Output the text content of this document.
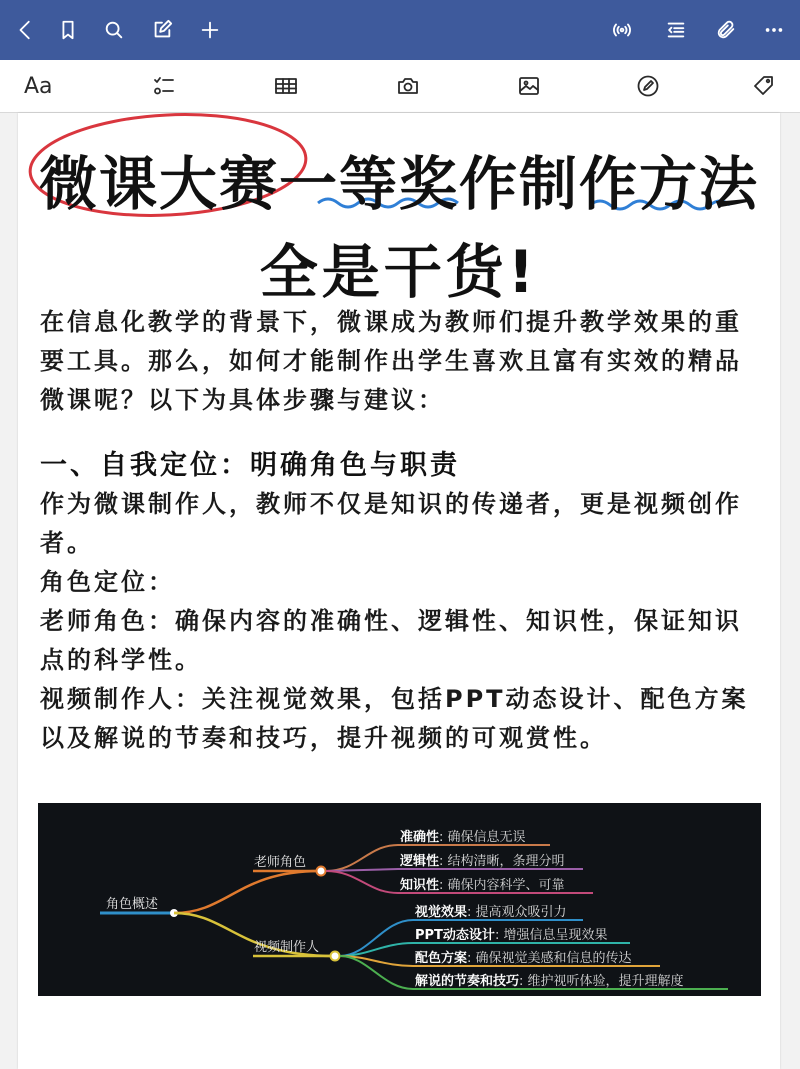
Aa
微课大赛一等奖作制作方法
全是干货!
在信息化教学的背景下，微课成为教师们提升教学效果的重要工具。那么，如何才能制作出学生喜欢且富有实效的精品微课呢？以下为具体步骤与建议：
一、自我定位：明确角色与职责

作为微课制作人，教师不仅是知识的传递者，更是视频创作者。

角色定位：

老师角色：确保内容的准确性、逻辑性、知识性，保证知识点的科学性。

视频制作人：关注视觉效果，包括PPT动态设计、配色方案以及解说的节奏和技巧，提升视频的可观赏性。

角色概述
老师角色
视频制作人
准确性: 确保信息无误
逻辑性: 结构清晰，条理分明
知识性: 确保内容科学、可靠
视觉效果: 提高观众吸引力
PPT动态设计: 增强信息呈现效果
配色方案: 确保视觉美感和信息的传达
解说的节奏和技巧: 维护视听体验，提升理解度
